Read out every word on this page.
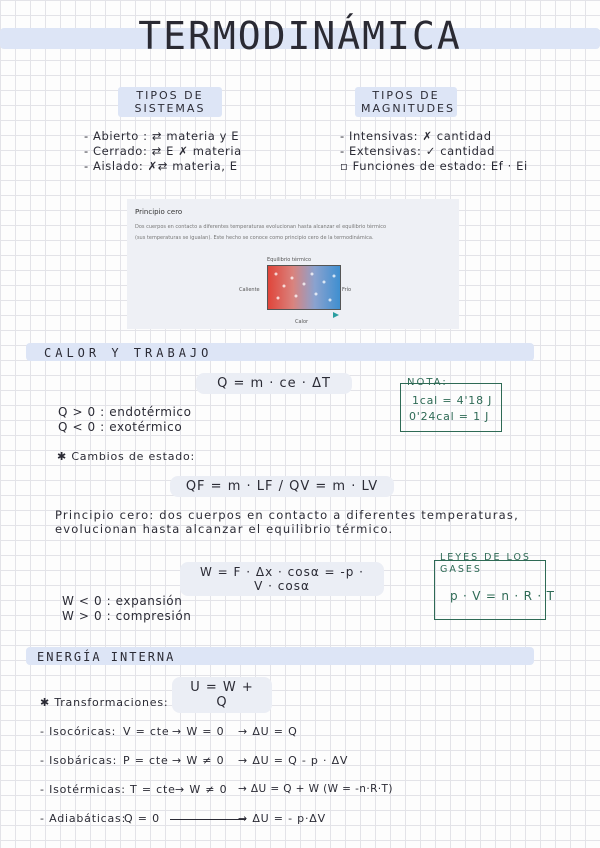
TERMODINÁMICA
TIPOS DE
SISTEMAS
- Abierto : ⇄ materia y E
- Cerrado: ⇄ E ✗ materia
- Aislado: ✗⇄ materia, E
TIPOS DE
MAGNITUDES
- Intensivas: ✗ cantidad
- Extensivas: ✓ cantidad
▫ Funciones de estado: Ef · Ei
Principio cero
Dos cuerpos en contacto a diferentes temperaturas evolucionan hasta alcanzar el equilibrio térmico
(sus temperaturas se igualan). Este hecho se conoce como principio cero de la termodinámica.
Equilibrio térmico
Caliente	Frío
Calor
CALOR Y TRABAJO
Q = m · ce · ΔT	NOTA:
1cal = 4'18 J
0'24cal = 1 J
Q > 0 : endotérmico
Q < 0 : exotérmico
✱ Cambios de estado:
QF = m · LF / QV = m · LV
Principio cero: dos cuerpos en contacto a diferentes temperaturas,
evolucionan hasta alcanzar el equilibrio térmico.
LEYES DE LOS
GASES
p · V = n · R · T
W = F · Δx · cosα = -p · V · cosα
W < 0 : expansión
W > 0 : compresión
ENERGÍA INTERNA
U = W + Q
✱ Transformaciones:
- Isocóricas: V = cte → W = 0 → ΔU = Q
- Isobáricas: P = cte → W ≠ 0 → ΔU = Q - p · ΔV
- Isotérmicas: T = cte → W ≠ 0 → ΔU = Q + W (W = -n·R·T)
- Adiabáticas:
Q = 0	→ ΔU = - p·ΔV
